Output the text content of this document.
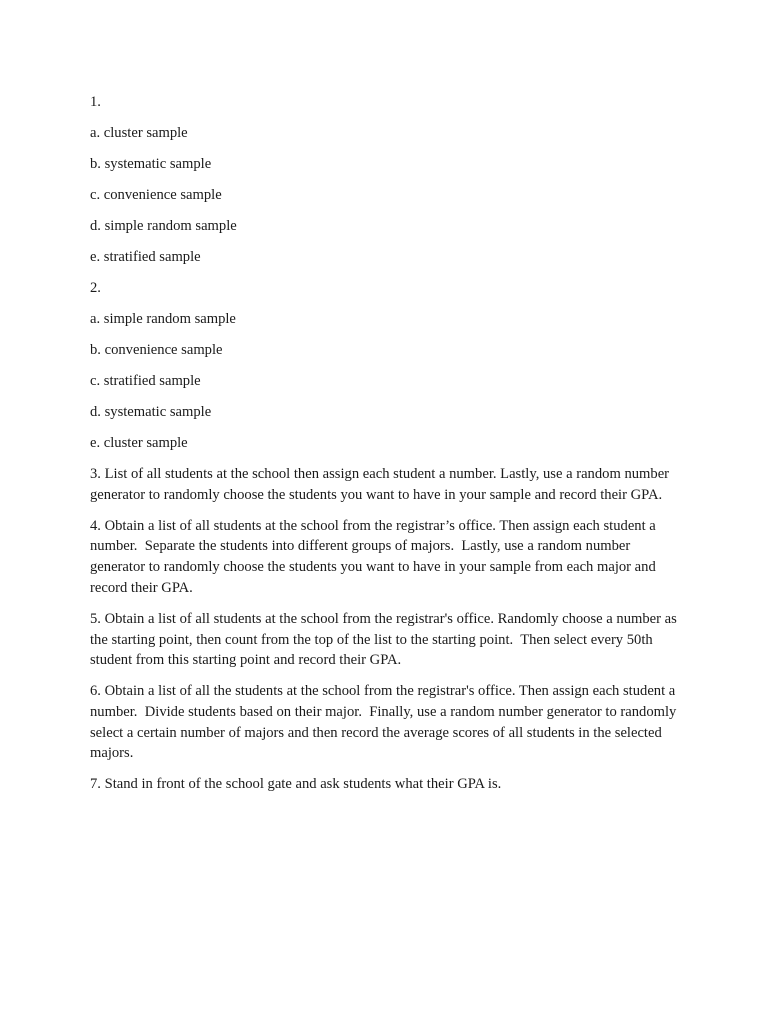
1.

a. cluster sample

b. systematic sample

c. convenience sample

d. simple random sample

e. stratified sample

2.

a. simple random sample

b. convenience sample

c. stratified sample

d. systematic sample

e. cluster sample

3. List of all students at the school then assign each student a number. Lastly, use a random number generator to randomly choose the students you want to have in your sample and record their GPA.

4. Obtain a list of all students at the school from the registrar’s office. Then assign each student a number.  Separate the students into different groups of majors.  Lastly, use a random number generator to randomly choose the students you want to have in your sample from each major and record their GPA.

5. Obtain a list of all students at the school from the registrar's office. Randomly choose a number as the starting point, then count from the top of the list to the starting point.  Then select every 50th student from this starting point and record their GPA.

6. Obtain a list of all the students at the school from the registrar's office. Then assign each student a number.  Divide students based on their major.  Finally, use a random number generator to randomly select a certain number of majors and then record the average scores of all students in the selected majors.

7. Stand in front of the school gate and ask students what their GPA is.
